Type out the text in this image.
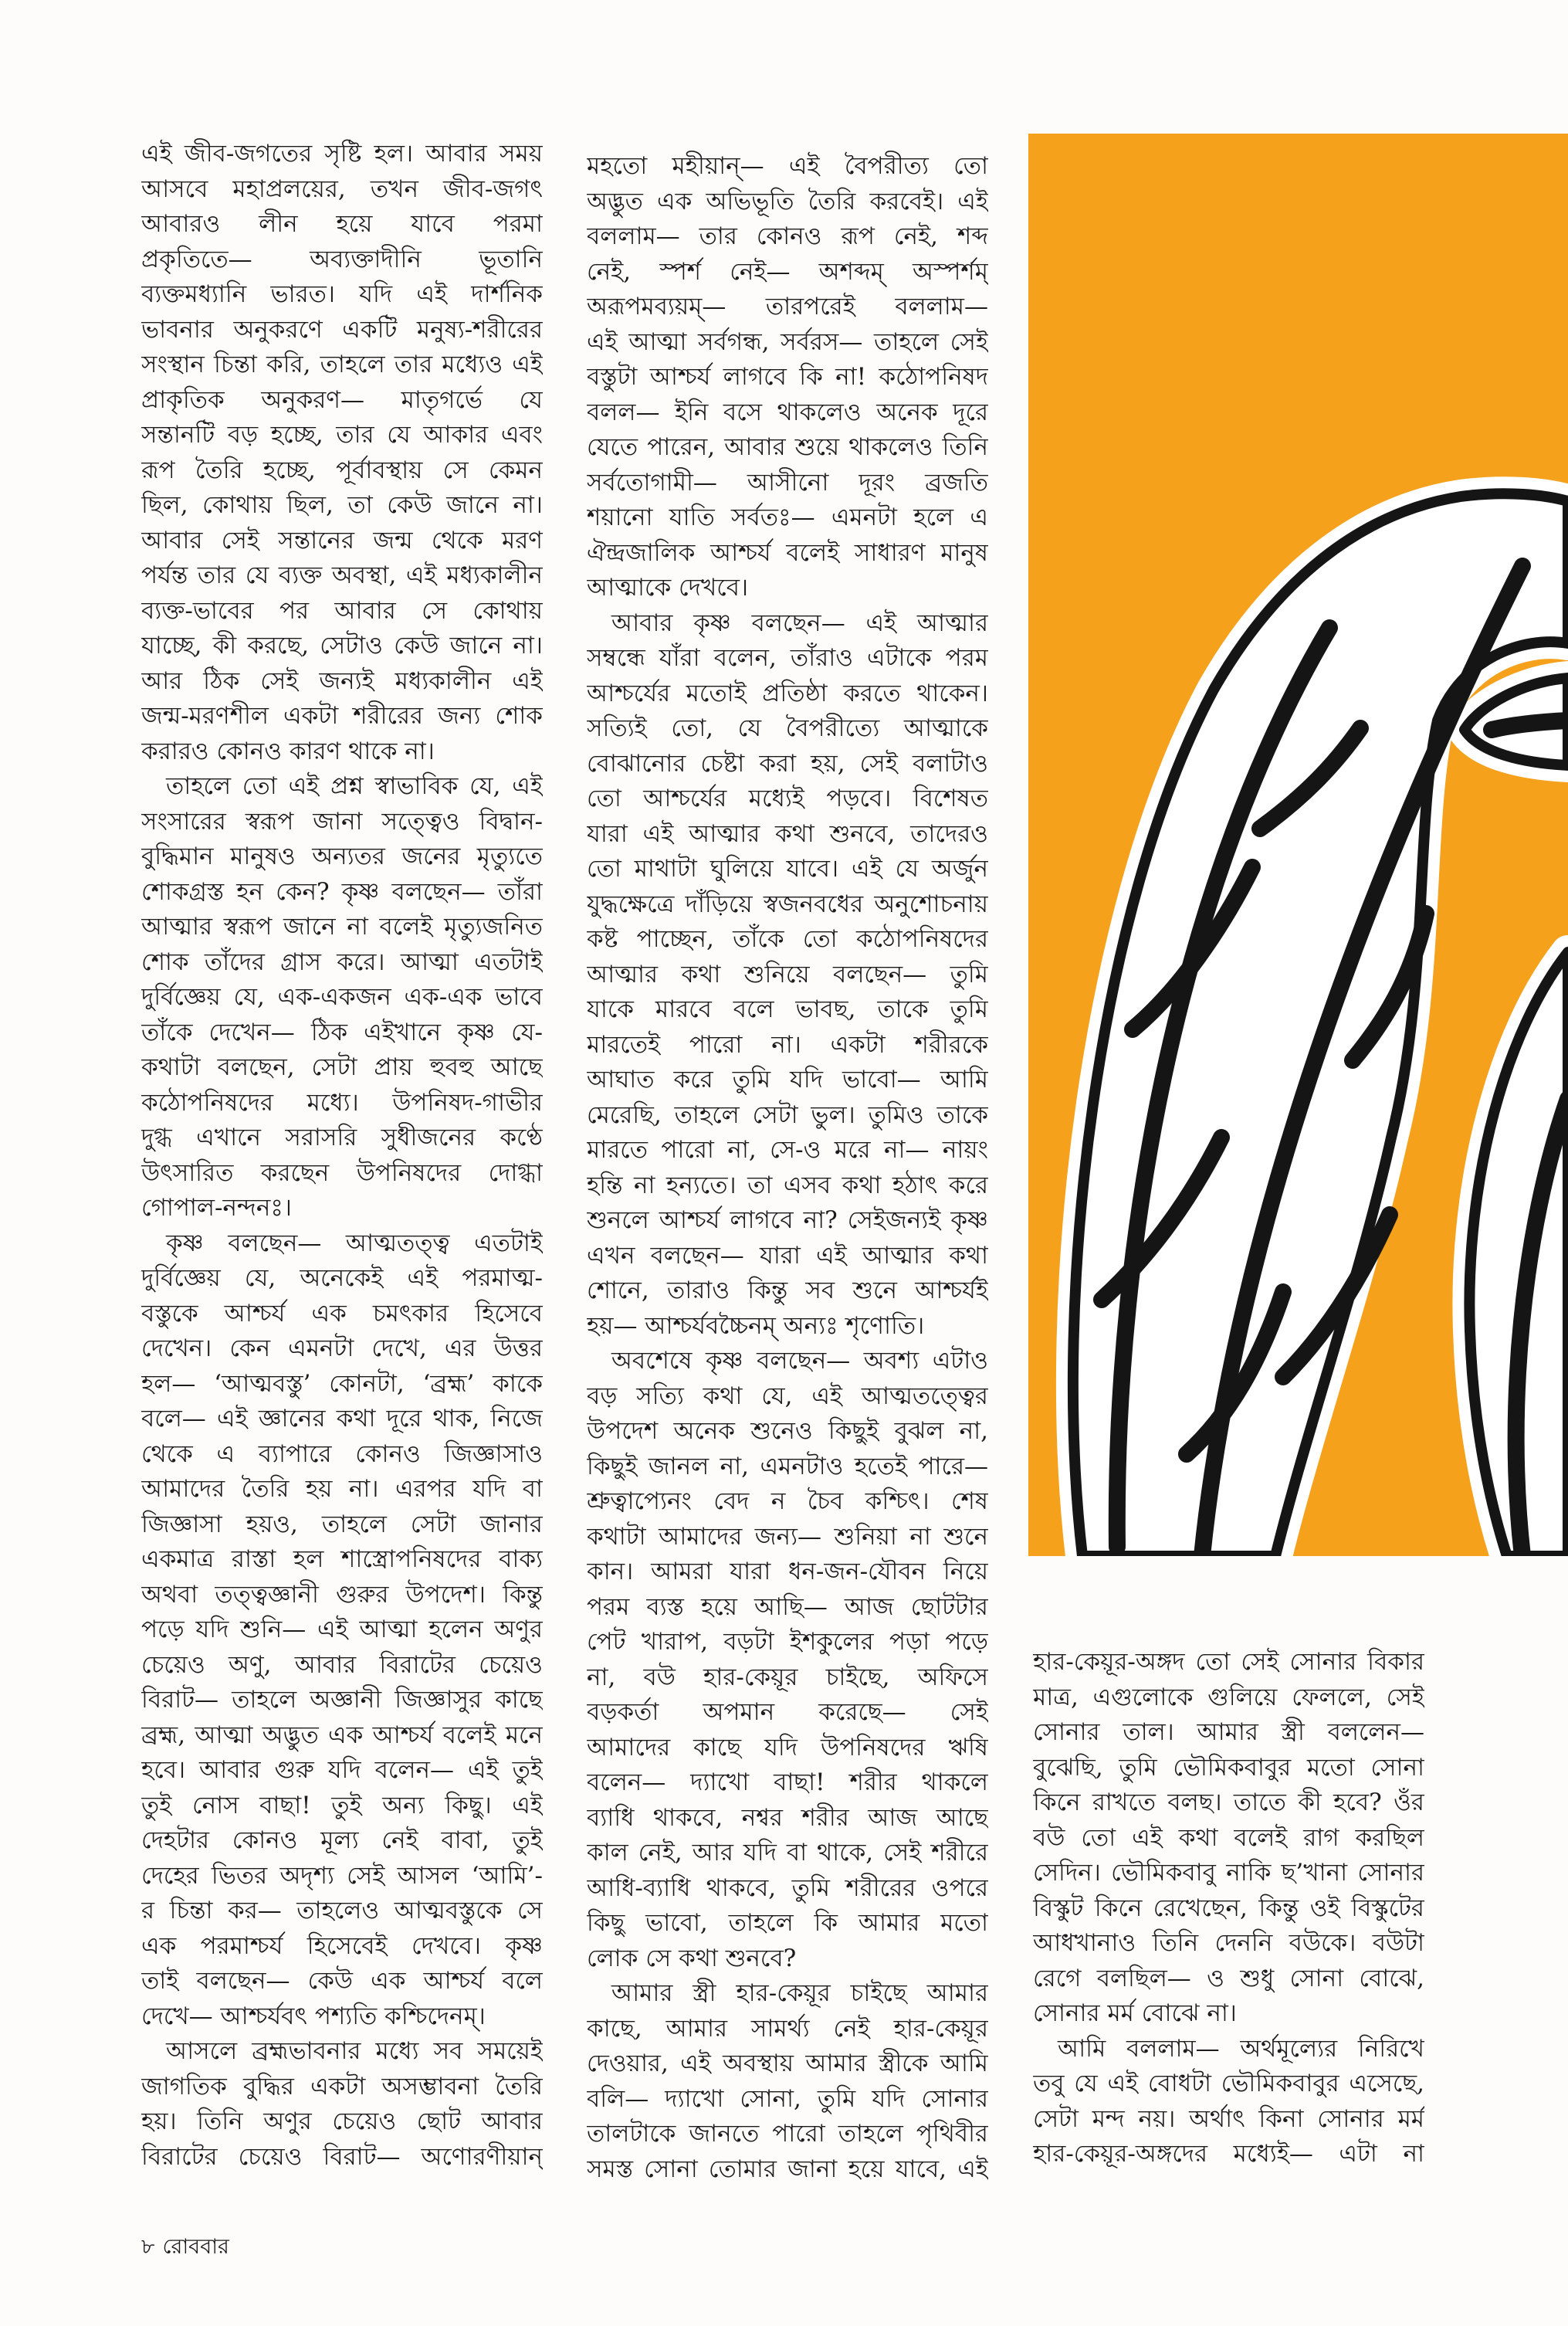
এই জীব-জগতের সৃষ্টি হল। আবার সময়
আসবে মহাপ্রলয়ের, তখন জীব-জগৎ
আবারও লীন হয়ে যাবে পরমা
প্রকৃতিতে— অব্যক্তাদীনি ভূতানি
ব্যক্তমধ্যানি ভারত। যদি এই দার্শনিক
ভাবনার অনুকরণে একটি মনুষ্য-শরীরের
সংস্থান চিন্তা করি, তাহলে তার মধ্যেও এই
প্রাকৃতিক অনুকরণ— মাতৃগর্ভে যে
সন্তানটি বড় হচ্ছে, তার যে আকার এবং
রূপ তৈরি হচ্ছে, পূর্বাবস্থায় সে কেমন
ছিল, কোথায় ছিল, তা কেউ জানে না।
আবার সেই সন্তানের জন্ম থেকে মরণ
পর্যন্ত তার যে ব্যক্ত অবস্থা, এই মধ্যকালীন
ব্যক্ত-ভাবের পর আবার সে কোথায়
যাচ্ছে, কী করছে, সেটাও কেউ জানে না।
আর ঠিক সেই জন্যই মধ্যকালীন এই
জন্ম-মরণশীল একটা শরীরের জন্য শোক
করারও কোনও কারণ থাকে না।
তাহলে তো এই প্রশ্ন স্বাভাবিক যে, এই
সংসারের স্বরূপ জানা সত্ত্বেও বিদ্বান-
বুদ্ধিমান মানুষও অন্যতর জনের মৃত্যুতে
শোকগ্রস্ত হন কেন? কৃষ্ণ বলছেন— তাঁরা
আত্মার স্বরূপ জানে না বলেই মৃত্যুজনিত
শোক তাঁদের গ্রাস করে। আত্মা এতটাই
দুর্বিজ্ঞেয় যে, এক-একজন এক-এক ভাবে
তাঁকে দেখেন— ঠিক এইখানে কৃষ্ণ যে-
কথাটা বলছেন, সেটা প্রায় হুবহু আছে
কঠোপনিষদের মধ্যে। উপনিষদ-গাভীর
দুগ্ধ এখানে সরাসরি সুধীজনের কণ্ঠে
উৎসারিত করছেন উপনিষদের দোগ্ধা
গোপাল-নন্দনঃ।
কৃষ্ণ বলছেন— আত্মতত্ত্ব এতটাই
দুর্বিজ্ঞেয় যে, অনেকেই এই পরমাত্ম-
বস্তুকে আশ্চর্য এক চমৎকার হিসেবে
দেখেন। কেন এমনটা দেখে, এর উত্তর
হল— ‘আত্মবস্তু’ কোনটা, ‘ব্রহ্ম’ কাকে
বলে— এই জ্ঞানের কথা দূরে থাক, নিজে
থেকে এ ব্যাপারে কোনও জিজ্ঞাসাও
আমাদের তৈরি হয় না। এরপর যদি বা
জিজ্ঞাসা হয়ও, তাহলে সেটা জানার
একমাত্র রাস্তা হল শাস্ত্রোপনিষদের বাক্য
অথবা তত্ত্বজ্ঞানী গুরুর উপদেশ। কিন্তু
পড়ে যদি শুনি— এই আত্মা হলেন অণুর
চেয়েও অণু, আবার বিরাটের চেয়েও
বিরাট— তাহলে অজ্ঞানী জিজ্ঞাসুর কাছে
ব্রহ্ম, আত্মা অদ্ভুত এক আশ্চর্য বলেই মনে
হবে। আবার গুরু যদি বলেন— এই তুই
তুই নোস বাছা! তুই অন্য কিছু। এই
দেহটার কোনও মূল্য নেই বাবা, তুই
দেহের ভিতর অদৃশ্য সেই আসল ‘আমি’-
র চিন্তা কর— তাহলেও আত্মবস্তুকে সে
এক পরমাশ্চর্য হিসেবেই দেখবে। কৃষ্ণ
তাই বলছেন— কেউ এক আশ্চর্য বলে
দেখে— আশ্চর্যবৎ পশ্যতি কশ্চিদেনম্।
আসলে ব্রহ্মভাবনার মধ্যে সব সময়েই
জাগতিক বুদ্ধির একটা অসম্ভাবনা তৈরি
হয়। তিনি অণুর চেয়েও ছোট আবার
বিরাটের চেয়েও বিরাট— অণোরণীয়ান্
মহতো মহীয়ান্— এই বৈপরীত্য তো
অদ্ভুত এক অভিভূতি তৈরি করবেই। এই
বললাম— তার কোনও রূপ নেই, শব্দ
নেই, স্পর্শ নেই— অশব্দম্ অস্পর্শম্
অরূপমব্যয়ম্— তারপরেই বললাম—
এই আত্মা সর্বগন্ধ, সর্বরস— তাহলে সেই
বস্তুটা আশ্চর্য লাগবে কি না! কঠোপনিষদ
বলল— ইনি বসে থাকলেও অনেক দূরে
যেতে পারেন, আবার শুয়ে থাকলেও তিনি
সর্বতোগামী— আসীনো দূরং ব্রজতি
শয়ানো যাতি সর্বতঃ— এমনটা হলে এ
ঐন্দ্রজালিক আশ্চর্য বলেই সাধারণ মানুষ
আত্মাকে দেখবে।
আবার কৃষ্ণ বলছেন— এই আত্মার
সম্বন্ধে যাঁরা বলেন, তাঁরাও এটাকে পরম
আশ্চর্যের মতোই প্রতিষ্ঠা করতে থাকেন।
সত্যিই তো, যে বৈপরীত্যে আত্মাকে
বোঝানোর চেষ্টা করা হয়, সেই বলাটাও
তো আশ্চর্যের মধ্যেই পড়বে। বিশেষত
যারা এই আত্মার কথা শুনবে, তাদেরও
তো মাথাটা ঘুলিয়ে যাবে। এই যে অর্জুন
যুদ্ধক্ষেত্রে দাঁড়িয়ে স্বজনবধের অনুশোচনায়
কষ্ট পাচ্ছেন, তাঁকে তো কঠোপনিষদের
আত্মার কথা শুনিয়ে বলছেন— তুমি
যাকে মারবে বলে ভাবছ, তাকে তুমি
মারতেই পারো না। একটা শরীরকে
আঘাত করে তুমি যদি ভাবো— আমি
মেরেছি, তাহলে সেটা ভুল। তুমিও তাকে
মারতে পারো না, সে-ও মরে না— নায়ং
হন্তি না হন্যতে। তা এসব কথা হঠাৎ করে
শুনলে আশ্চর্য লাগবে না? সেইজন্যই কৃষ্ণ
এখন বলছেন— যারা এই আত্মার কথা
শোনে, তারাও কিন্তু সব শুনে আশ্চর্যই
হয়— আশ্চর্যবচ্চৈনম্ অন্যঃ শৃণোতি।
অবশেষে কৃষ্ণ বলছেন— অবশ্য এটাও
বড় সত্যি কথা যে, এই আত্মতত্ত্বের
উপদেশ অনেক শুনেও কিছুই বুঝল না,
কিছুই জানল না, এমনটাও হতেই পারে—
শ্রুত্বাপ্যেনং বেদ ন চৈব কশ্চিৎ। শেষ
কথাটা আমাদের জন্য— শুনিয়া না শুনে
কান। আমরা যারা ধন-জন-যৌবন নিয়ে
পরম ব্যস্ত হয়ে আছি— আজ ছোটটার
পেট খারাপ, বড়টা ইশকুলের পড়া পড়ে
না, বউ হার-কেয়ূর চাইছে, অফিসে
বড়কর্তা অপমান করেছে— সেই
আমাদের কাছে যদি উপনিষদের ঋষি
বলেন— দ্যাখো বাছা! শরীর থাকলে
ব্যাধি থাকবে, নশ্বর শরীর আজ আছে
কাল নেই, আর যদি বা থাকে, সেই শরীরে
আধি-ব্যাধি থাকবে, তুমি শরীরের ওপরে
কিছু ভাবো, তাহলে কি আমার মতো
লোক সে কথা শুনবে?
আমার স্ত্রী হার-কেয়ূর চাইছে আমার
কাছে, আমার সামর্থ্য নেই হার-কেয়ূর
দেওয়ার, এই অবস্থায় আমার স্ত্রীকে আমি
বলি— দ্যাখো সোনা, তুমি যদি সোনার
তালটাকে জানতে পারো তাহলে পৃথিবীর
সমস্ত সোনা তোমার জানা হয়ে যাবে, এই
হার-কেয়ূর-অঙ্গদ তো সেই সোনার বিকার
মাত্র, এগুলোকে গুলিয়ে ফেললে, সেই
সোনার তাল। আমার স্ত্রী বললেন—
বুঝেছি, তুমি ভৌমিকবাবুর মতো সোনা
কিনে রাখতে বলছ। তাতে কী হবে? ওঁর
বউ তো এই কথা বলেই রাগ করছিল
সেদিন। ভৌমিকবাবু নাকি ছ’খানা সোনার
বিস্কুট কিনে রেখেছেন, কিন্তু ওই বিস্কুটের
আধখানাও তিনি দেননি বউকে। বউটা
রেগে বলছিল— ও শুধু সোনা বোঝে,
সোনার মর্ম বোঝে না।
আমি বললাম— অর্থমূল্যের নিরিখে
তবু যে এই বোধটা ভৌমিকবাবুর এসেছে,
সেটা মন্দ নয়। অর্থাৎ কিনা সোনার মর্ম
হার-কেয়ূর-অঙ্গদের মধ্যেই— এটা না
৮ রোববার
